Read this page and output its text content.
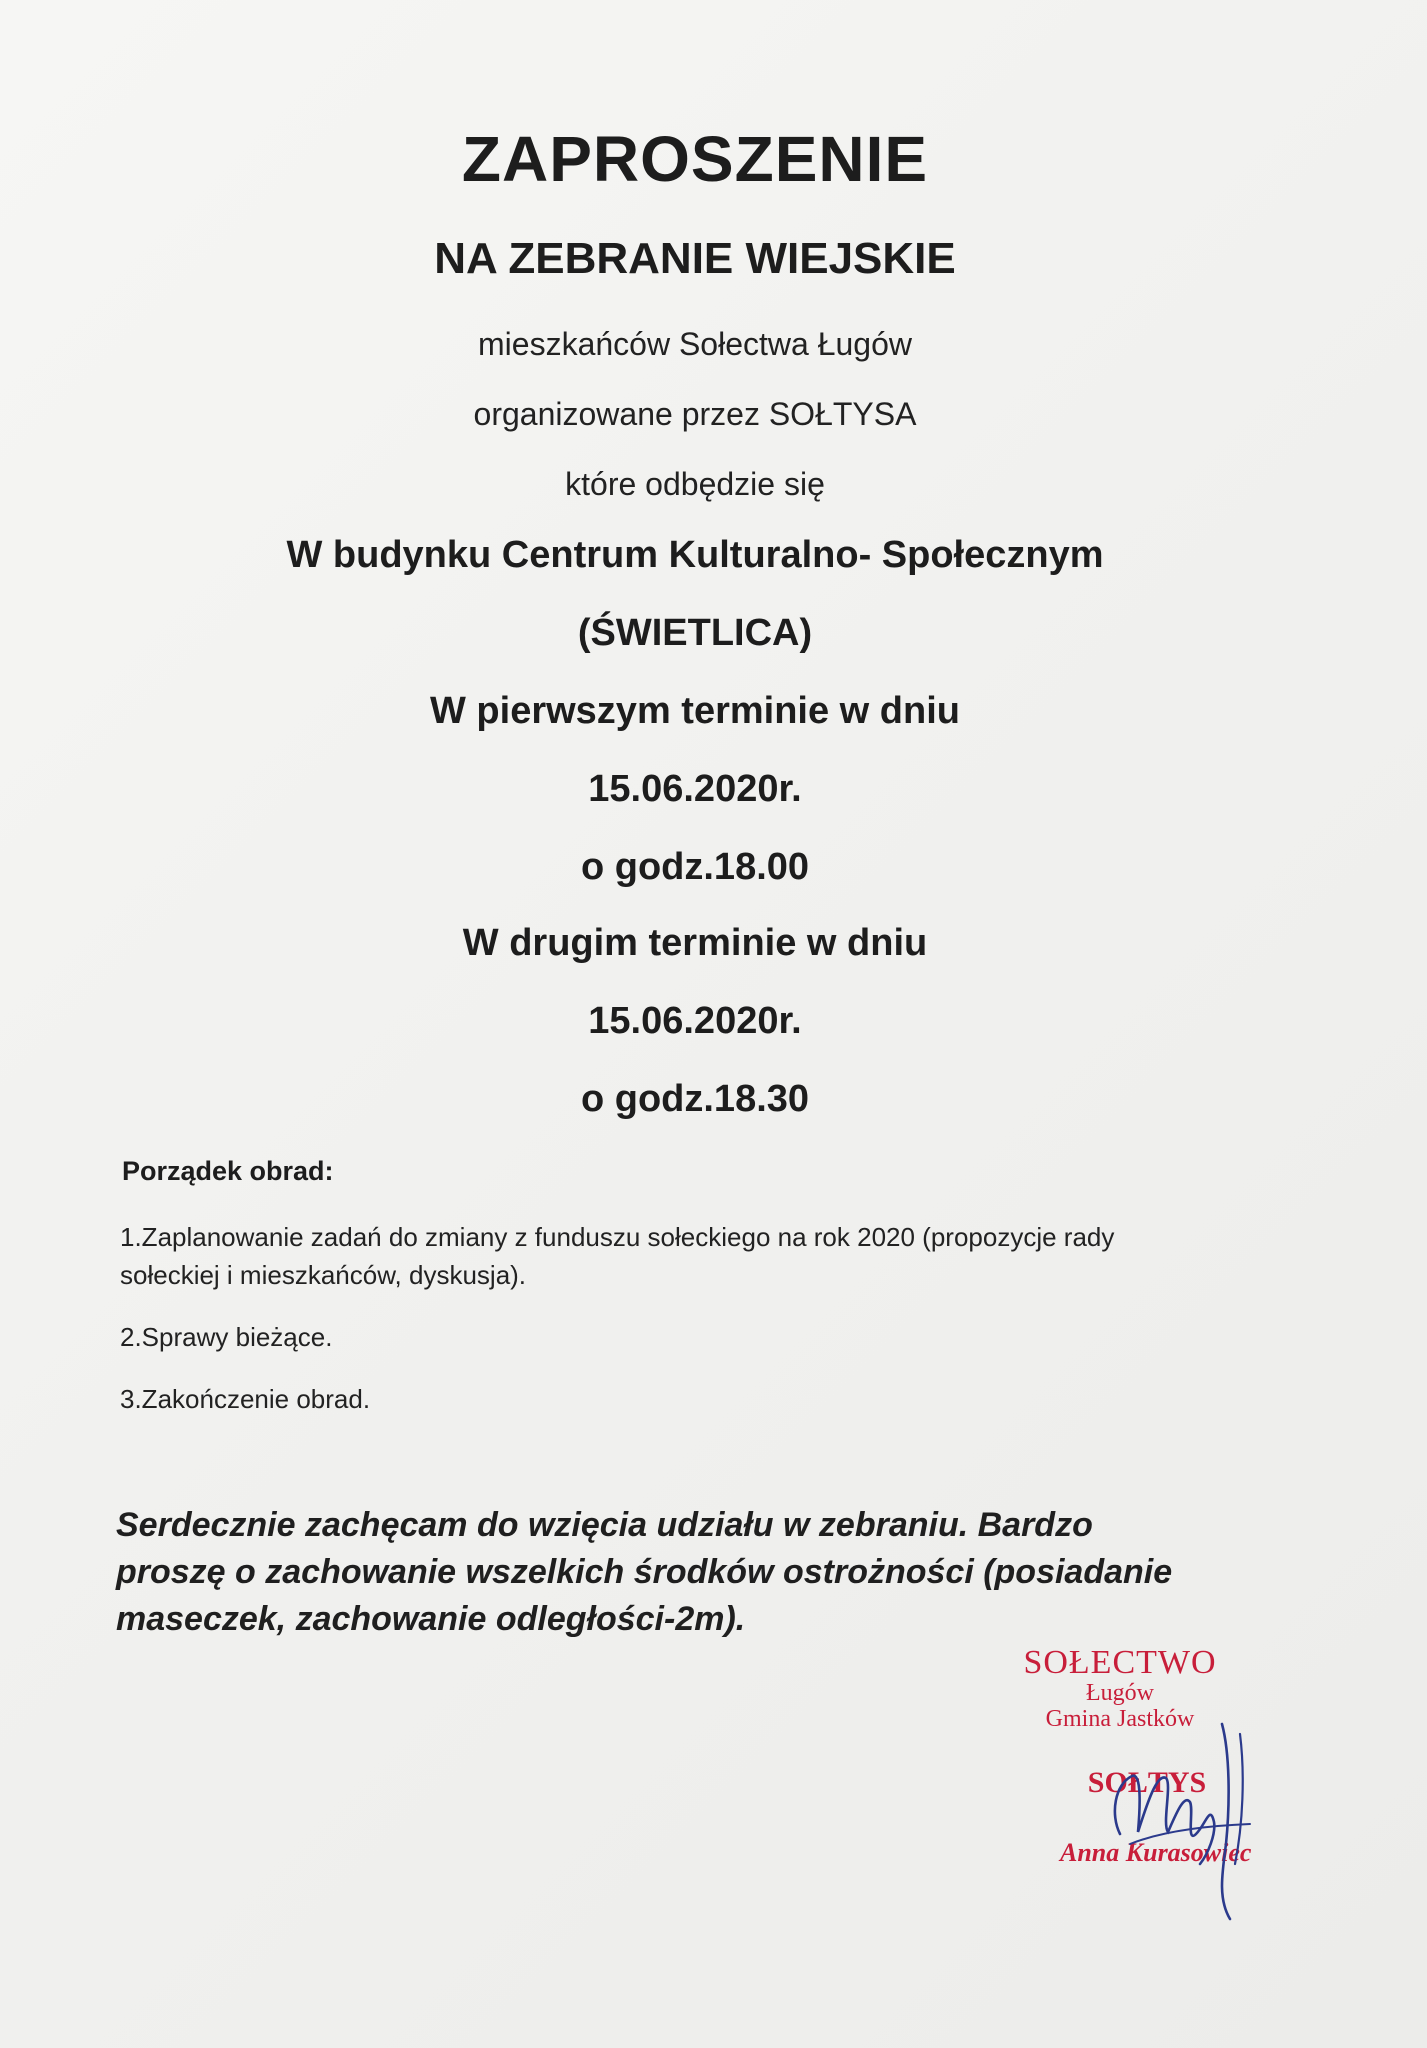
ZAPROSZENIE
NA ZEBRANIE WIEJSKIE
mieszkańców Sołectwa Ługów
organizowane przez SOŁTYSA
które odbędzie się
W budynku Centrum Kulturalno- Społecznym
(ŚWIETLICA)
W pierwszym terminie w dniu
15.06.2020r.
o godz.18.00
W drugim terminie w dniu
15.06.2020r.
o godz.18.30
Porządek obrad:
1.Zaplanowanie zadań do zmiany z funduszu sołeckiego na rok 2020 (propozycje rady
sołeckiej i mieszkańców, dyskusja).
2.Sprawy bieżące.
3.Zakończenie obrad.
Serdecznie zachęcam do wzięcia udziału w zebraniu. Bardzo
proszę o zachowanie wszelkich środków ostrożności (posiadanie
maseczek, zachowanie odległości-2m).
SOŁECTWO
Ługów
Gmina Jastków
SOŁTYS
Anna Kurasowiec
